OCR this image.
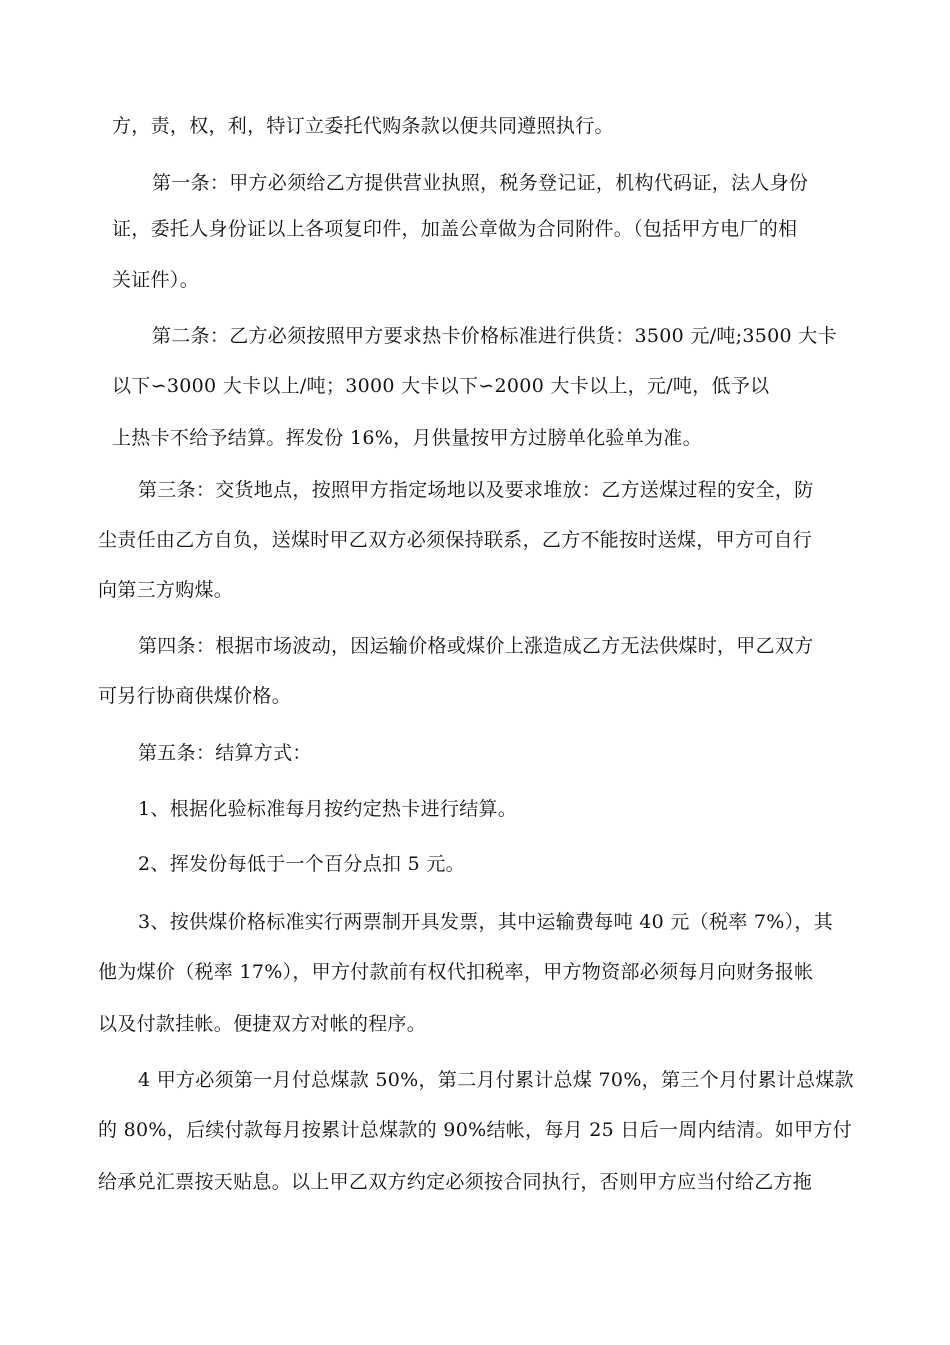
方，责，权，利，特订立委托代购条款以便共同遵照执行。
第一条：甲方必须给乙方提供营业执照，税务登记证，机构代码证，法人身份
证，委托人身份证以上各项复印件，加盖公章做为合同附件。（包括甲方电厂的相
关证件）。
第二条：乙方必须按照甲方要求热卡价格标准进行供货：3500 元/吨;3500 大卡
以下∽3000 大卡以上/吨；3000 大卡以下∽2000 大卡以上，元/吨，低予以
上热卡不给予结算。挥发份 16%，月供量按甲方过膀单化验单为准。
第三条：交货地点，按照甲方指定场地以及要求堆放：乙方送煤过程的安全，防
尘责任由乙方自负，送煤时甲乙双方必须保持联系，乙方不能按时送煤，甲方可自行
向第三方购煤。
第四条：根据市场波动，因运输价格或煤价上涨造成乙方无法供煤时，甲乙双方
可另行协商供煤价格。
第五条：结算方式：
1、根据化验标准每月按约定热卡进行结算。
2、挥发份每低于一个百分点扣 5 元。
3、按供煤价格标准实行两票制开具发票，其中运输费每吨 40 元（税率 7%），其
他为煤价（税率 17%），甲方付款前有权代扣税率，甲方物资部必须每月向财务报帐
以及付款挂帐。便捷双方对帐的程序。
4 甲方必须第一月付总煤款 50%，第二月付累计总煤 70%，第三个月付累计总煤款
的 80%，后续付款每月按累计总煤款的 90%结帐，每月 25 日后一周内结清。如甲方付
给承兑汇票按天贴息。以上甲乙双方约定必须按合同执行，否则甲方应当付给乙方拖
